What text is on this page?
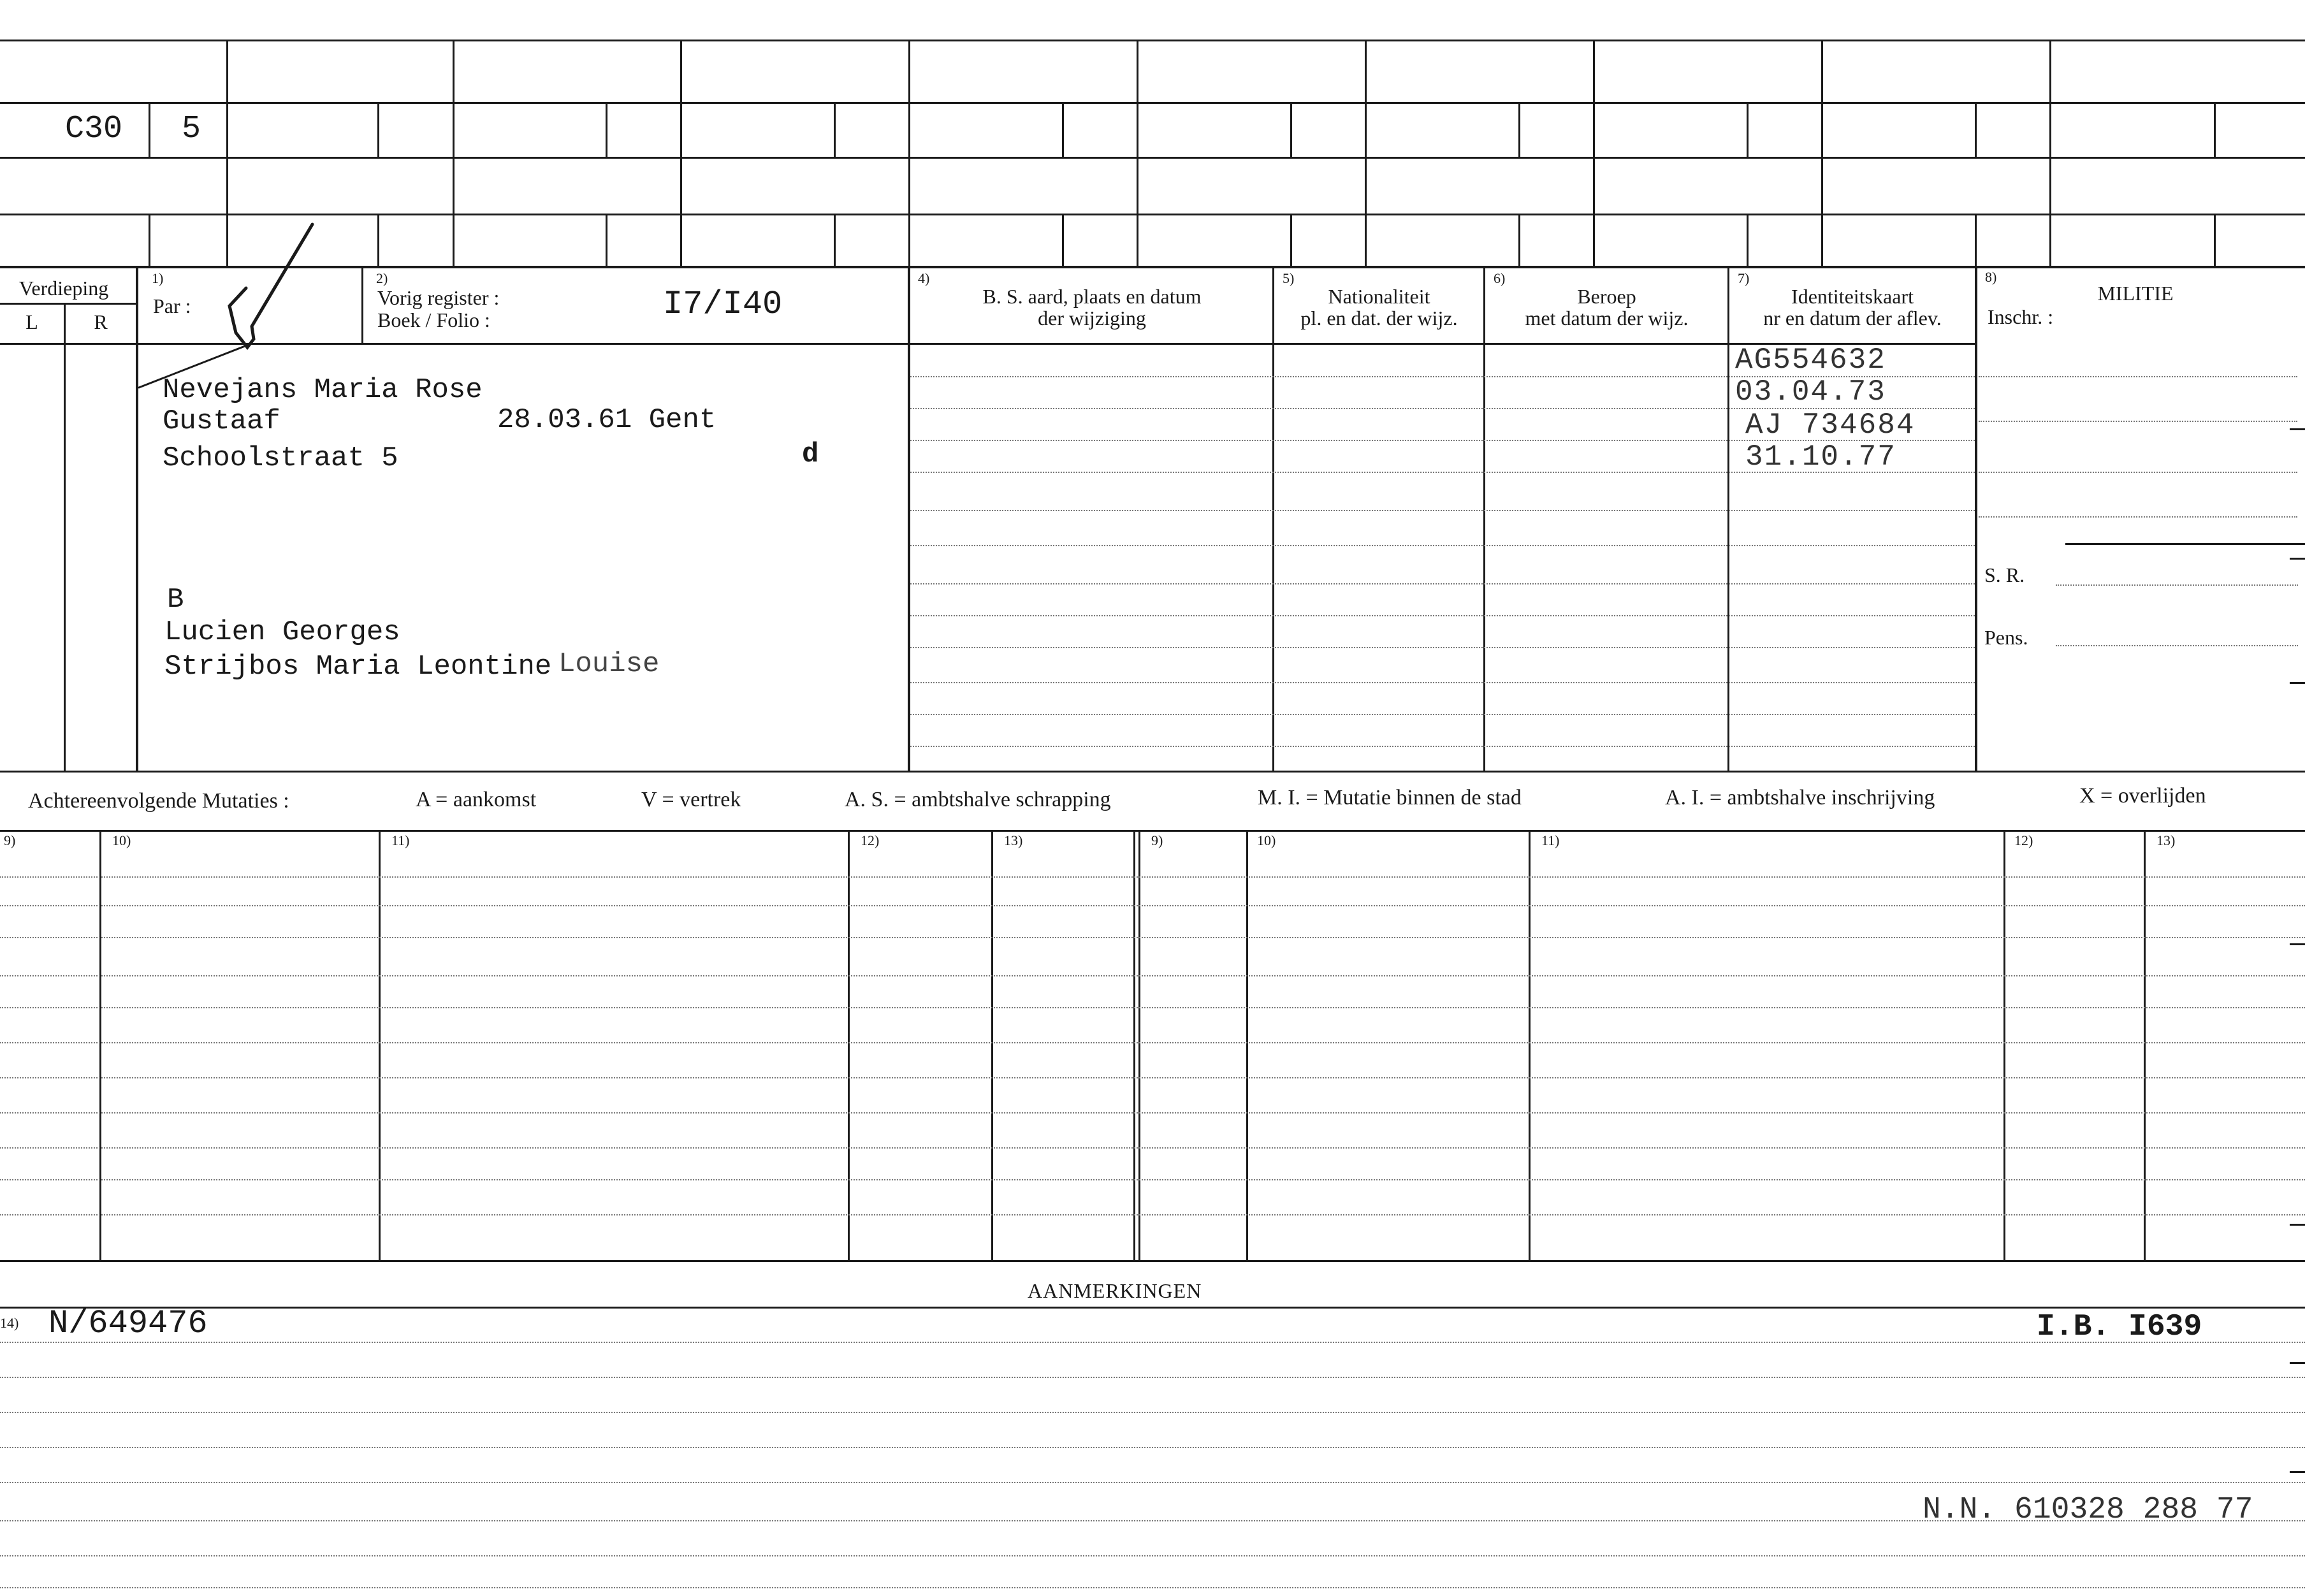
C30 5
Verdieping
L	R
1)
Par :
2)
Vorig register :
Boek / Folio :	I7/I40
4)
B. S. aard, plaats en datum
der wijziging
5)
Nationaliteit
pl. en dat. der wijz.
6)
Beroep
met datum der wijz.
7)
Identiteitskaart
nr en datum der aflev.
8)
MILITIE
Inschr. :
Nevejans Maria Rose
Gustaaf	28.03.61 Gent
Schoolstraat 5	d
B
Lucien Georges
Strijbos Maria Leontine Louise
AG554632
03.04.73
AJ 734684
31.10.77
S. R.
Pens.
Achtereenvolgende Mutaties :	A = aankomst	V = vertrek	A. S. = ambtshalve schrapping	M. I. = Mutatie binnen de stad	A. I. = ambtshalve inschrijving	X = overlijden
9)	10)	11)	12)	13)	9)	10)	11)	12)	13)
AANMERKINGEN
14) N/649476	I.B. I639
N.N. 610328 288 77
